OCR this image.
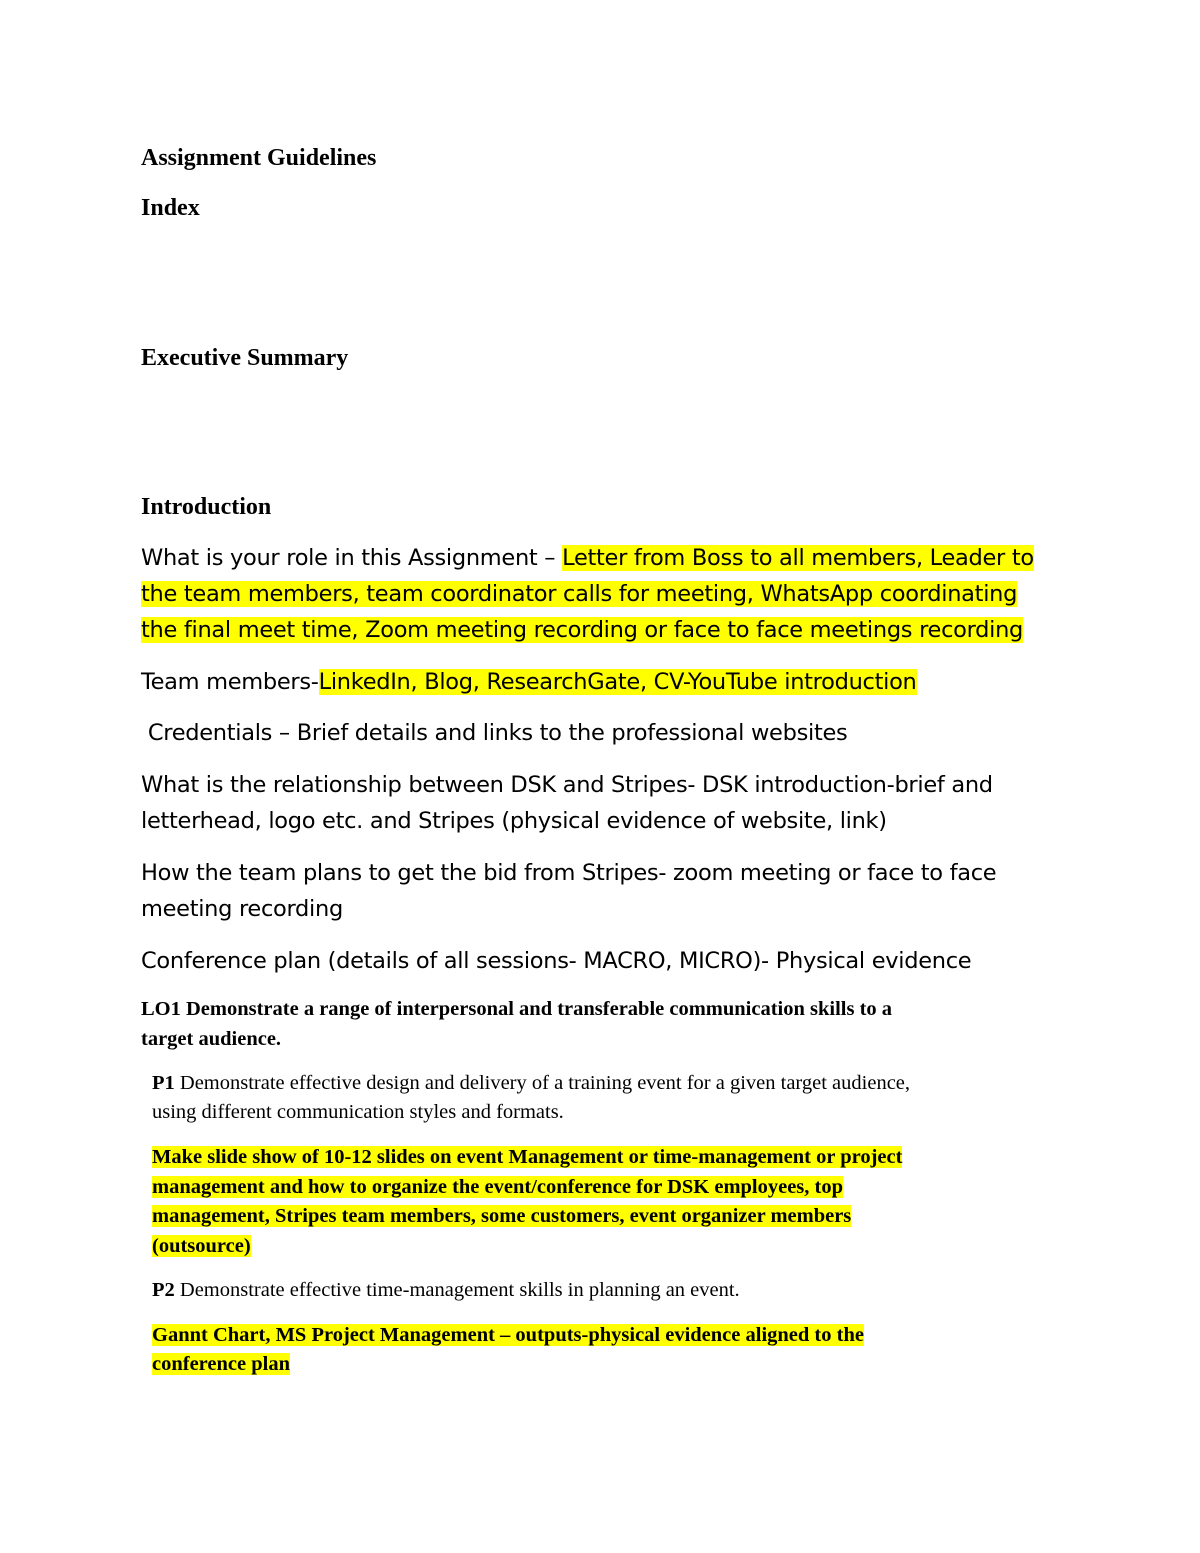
Assignment Guidelines
Index
Executive Summary
Introduction
What is your role in this Assignment – Letter from Boss to all members, Leader to
the team members, team coordinator calls for meeting, WhatsApp coordinating
the final meet time, Zoom meeting recording or face to face meetings recording
Team members-LinkedIn, Blog, ResearchGate, CV-YouTube introduction
Credentials – Brief details and links to the professional websites
What is the relationship between DSK and Stripes- DSK introduction-brief and
letterhead, logo etc. and Stripes (physical evidence of website, link)
How the team plans to get the bid from Stripes- zoom meeting or face to face
meeting recording
Conference plan (details of all sessions- MACRO, MICRO)- Physical evidence
LO1 Demonstrate a range of interpersonal and transferable communication skills to a
target audience.
P1 Demonstrate effective design and delivery of a training event for a given target audience,
using different communication styles and formats.
Make slide show of 10-12 slides on event Management or time-management or project
management and how to organize the event/conference for DSK employees, top
management, Stripes team members, some customers, event organizer members
(outsource)
P2 Demonstrate effective time-management skills in planning an event.
Gannt Chart, MS Project Management – outputs-physical evidence aligned to the
conference plan
